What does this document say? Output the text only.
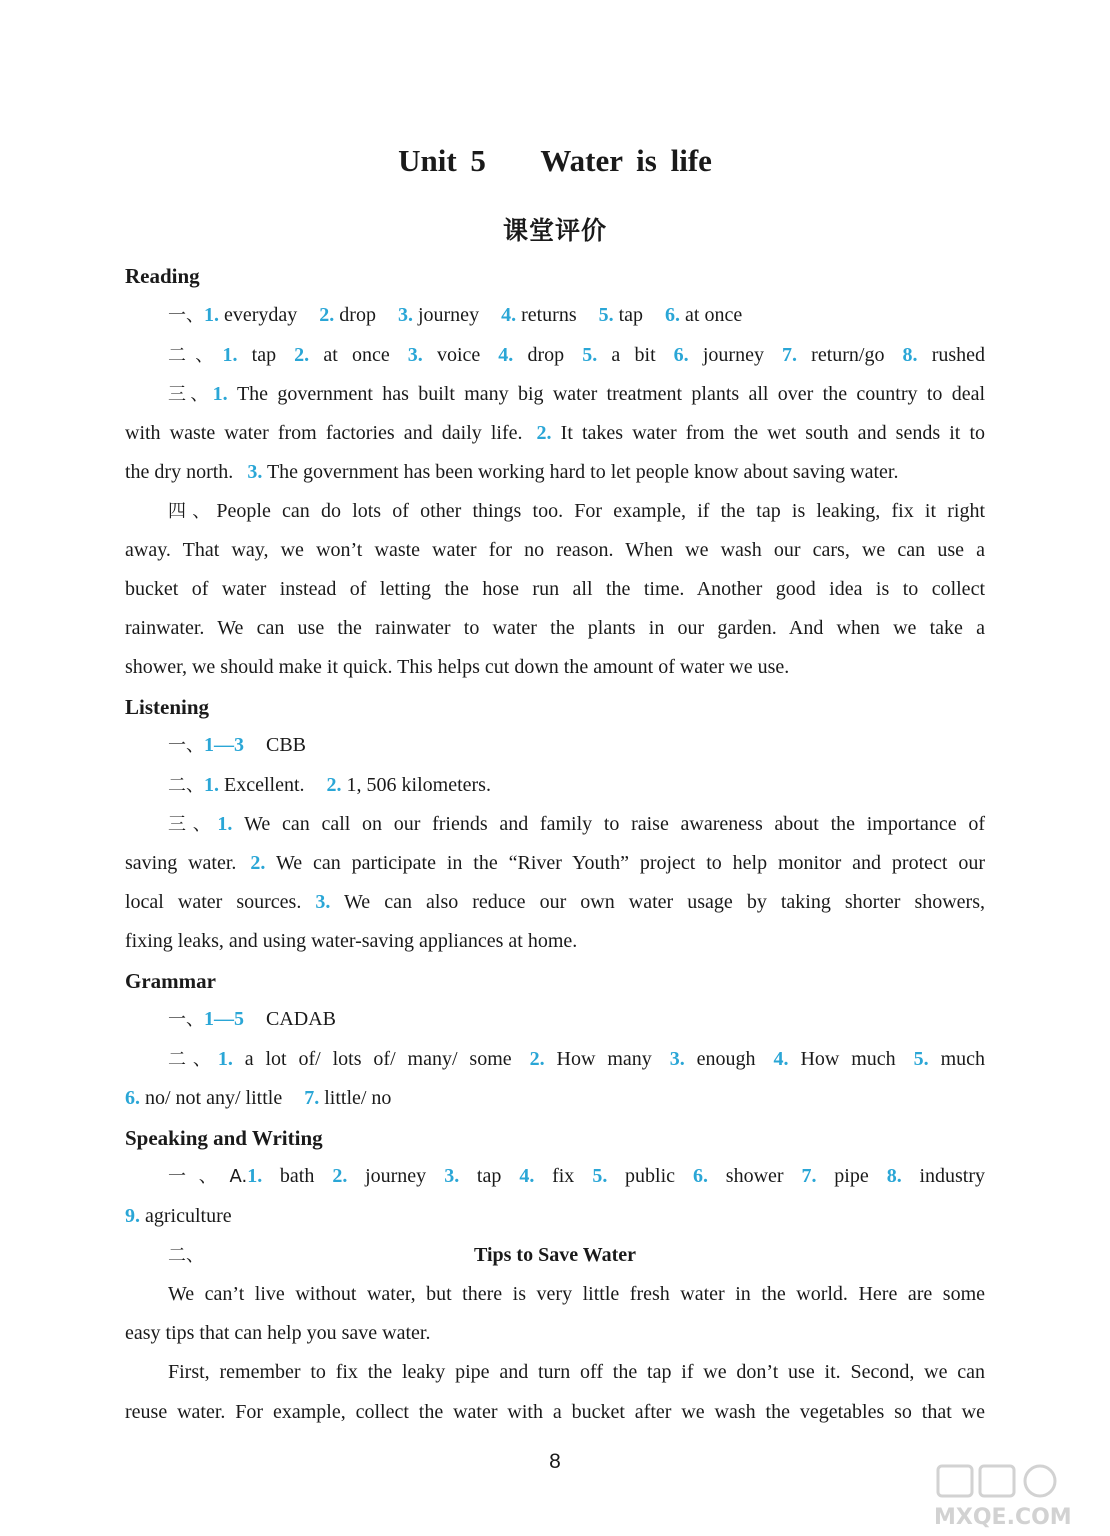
Unit 5    Water is life
课堂评价
Reading
一、1. everyday 2. drop 3. journey 4. returns 5. tap 6. at once
二、1. tap 2. at once 3. voice 4. drop 5. a bit 6. journey 7. return/go 8. rushed
三、1. The government has built many big water treatment plants all over the country to deal
with waste water from factories and daily life. 2. It takes water from the wet south and sends it to
the dry north. 3. The government has been working hard to let people know about saving water.
四、People can do lots of other things too. For example, if the tap is leaking, fix it right
away. That way, we won’t waste water for no reason. When we wash our cars, we can use a
bucket of water instead of letting the hose run all the time. Another good idea is to collect
rainwater. We can use the rainwater to water the plants in our garden. And when we take a
shower, we should make it quick. This helps cut down the amount of water we use.
Listening
一、1—3 CBB
二、1. Excellent. 2. 1, 506 kilometers.
三、1. We can call on our friends and family to raise awareness about the importance of
saving water. 2. We can participate in the “River Youth” project to help monitor and protect our
local water sources. 3. We can also reduce our own water usage by taking shorter showers,
fixing leaks, and using water-saving appliances at home.
Grammar
一、1—5 CADAB
二、1. a lot of/ lots of/ many/ some 2. How many 3. enough 4. How much 5. much
6. no/ not any/ little 7. little/ no
Speaking and Writing
一、A.1. bath 2. journey 3. tap 4. fix 5. public 6. shower 7. pipe 8. industry
9. agriculture
二、	Tips to Save Water
We can’t live without water, but there is very little fresh water in the world. Here are some
easy tips that can help you save water.
First, remember to fix the leaky pipe and turn off the tap if we don’t use it. Second, we can
reuse water. For example, collect the water with a bucket after we wash the vegetables so that we
8
MXQE.COM
